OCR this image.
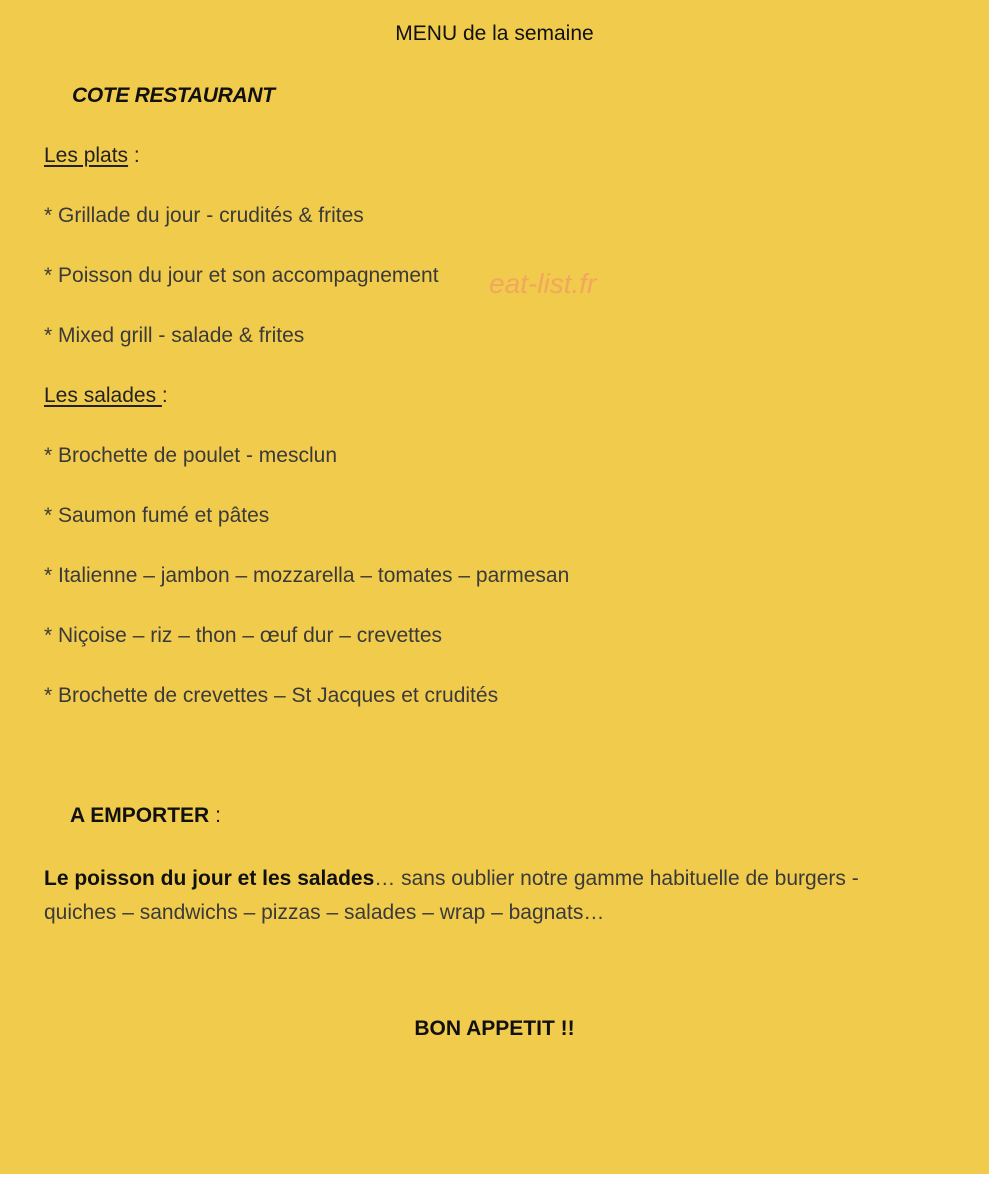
MENU de la semaine
COTE RESTAURANT
Les plats :
* Grillade du jour - crudités & frites
* Poisson du jour et son accompagnement
* Mixed grill - salade & frites
Les salades :
* Brochette de poulet - mesclun
* Saumon fumé et pâtes
* Italienne – jambon – mozzarella – tomates – parmesan
* Niçoise – riz – thon – œuf dur – crevettes
* Brochette de crevettes – St Jacques et crudités
A EMPORTER :
Le poisson du jour et les salades… sans oublier notre gamme habituelle de burgers - quiches – sandwichs – pizzas – salades – wrap – bagnats…
BON APPETIT !!
eat-list.fr
